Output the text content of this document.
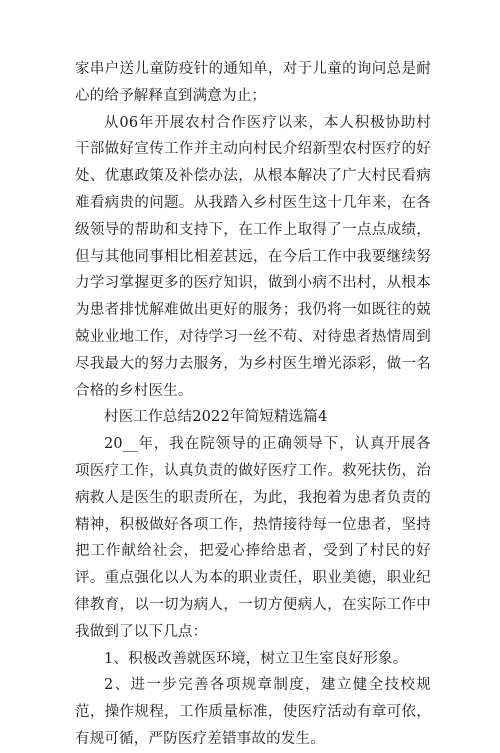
家串户送儿童防疫针的通知单，对于儿童的询问总是耐心的给予解释直到满意为止；

从06年开展农村合作医疗以来，本人积极协助村干部做好宣传工作并主动向村民介绍新型农村医疗的好处、优惠政策及补偿办法，从根本解决了广大村民看病难看病贵的问题。从我踏入乡村医生这十几年来，在各级领导的帮助和支持下，在工作上取得了一点点成绩，但与其他同事相比相差甚远，在今后工作中我要继续努力学习掌握更多的医疗知识，做到小病不出村，从根本为患者排忧解难做出更好的服务；我仍将一如既往的兢兢业业地工作，对待学习一丝不苟、对待患者热情周到尽我最大的努力去服务，为乡村医生增光添彩，做一名合格的乡村医生。

村医工作总结2022年简短精选篇4

20__年，我在院领导的正确领导下，认真开展各项医疗工作，认真负责的做好医疗工作。救死扶伤，治病救人是医生的职责所在，为此，我抱着为患者负责的精神，积极做好各项工作，热情接待每一位患者，坚持把工作献给社会，把爱心捧给患者，受到了村民的好评。重点强化以人为本的职业责任，职业美德，职业纪律教育，以一切为病人，一切方便病人，在实际工作中我做到了以下几点：

1、积极改善就医环境，树立卫生室良好形象。

2、进一步完善各项规章制度，建立健全技校规范，操作规程，工作质量标准，使医疗活动有章可依，有规可循，严防医疗差错事故的发生。
